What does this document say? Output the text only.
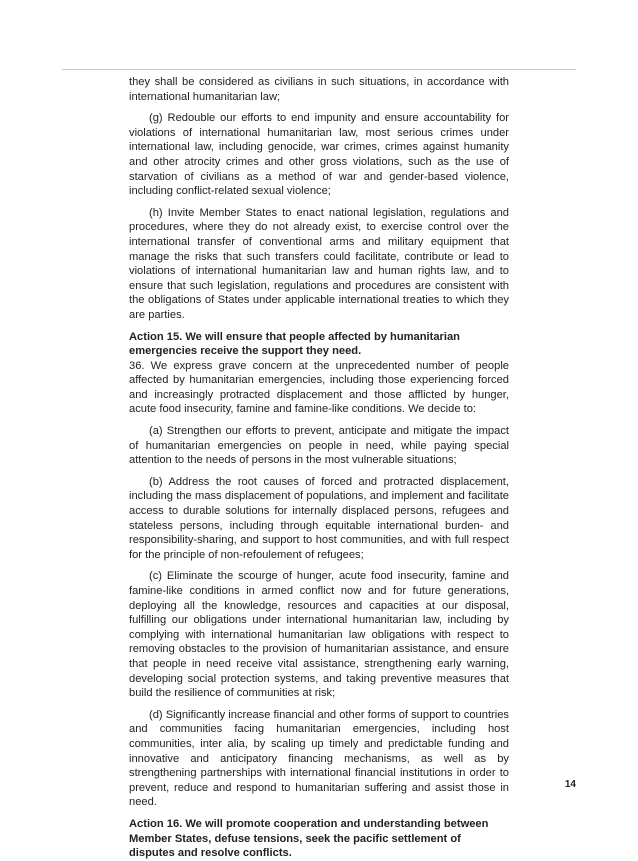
they shall be considered as civilians in such situations, in accordance with international humanitarian law;

(g) Redouble our efforts to end impunity and ensure accountability for violations of international humanitarian law, most serious crimes under international law, including genocide, war crimes, crimes against humanity and other atrocity crimes and other gross violations, such as the use of starvation of civilians as a method of war and gender-based violence, including conflict-related sexual violence;

(h) Invite Member States to enact national legislation, regulations and procedures, where they do not already exist, to exercise control over the international transfer of conventional arms and military equipment that manage the risks that such transfers could facilitate, contribute or lead to violations of international humanitarian law and human rights law, and to ensure that such legislation, regulations and procedures are consistent with the obligations of States under applicable international treaties to which they are parties.

Action 15. We will ensure that people affected by humanitarian emergencies receive the support they need.

36. We express grave concern at the unprecedented number of people affected by humanitarian emergencies, including those experiencing forced and increasingly protracted displacement and those afflicted by hunger, acute food insecurity, famine and famine-like conditions. We decide to:

(a) Strengthen our efforts to prevent, anticipate and mitigate the impact of humanitarian emergencies on people in need, while paying special attention to the needs of persons in the most vulnerable situations;

(b) Address the root causes of forced and protracted displacement, including the mass displacement of populations, and implement and facilitate access to durable solutions for internally displaced persons, refugees and stateless persons, including through equitable international burden- and responsibility-sharing, and support to host communities, and with full respect for the principle of non-refoulement of refugees;

(c) Eliminate the scourge of hunger, acute food insecurity, famine and famine-like conditions in armed conflict now and for future generations, deploying all the knowledge, resources and capacities at our disposal, fulfilling our obligations under international humanitarian law, including by complying with international humanitarian law obligations with respect to removing obstacles to the provision of humanitarian assistance, and ensure that people in need receive vital assistance, strengthening early warning, developing social protection systems, and taking preventive measures that build the resilience of communities at risk;

(d) Significantly increase financial and other forms of support to countries and communities facing humanitarian emergencies, including host communities, inter alia, by scaling up timely and predictable funding and innovative and anticipatory financing mechanisms, as well as by strengthening partnerships with international financial institutions in order to prevent, reduce and respond to humanitarian suffering and assist those in need.

Action 16. We will promote cooperation and understanding between Member States, defuse tensions, seek the pacific settlement of disputes and resolve conflicts.

14
